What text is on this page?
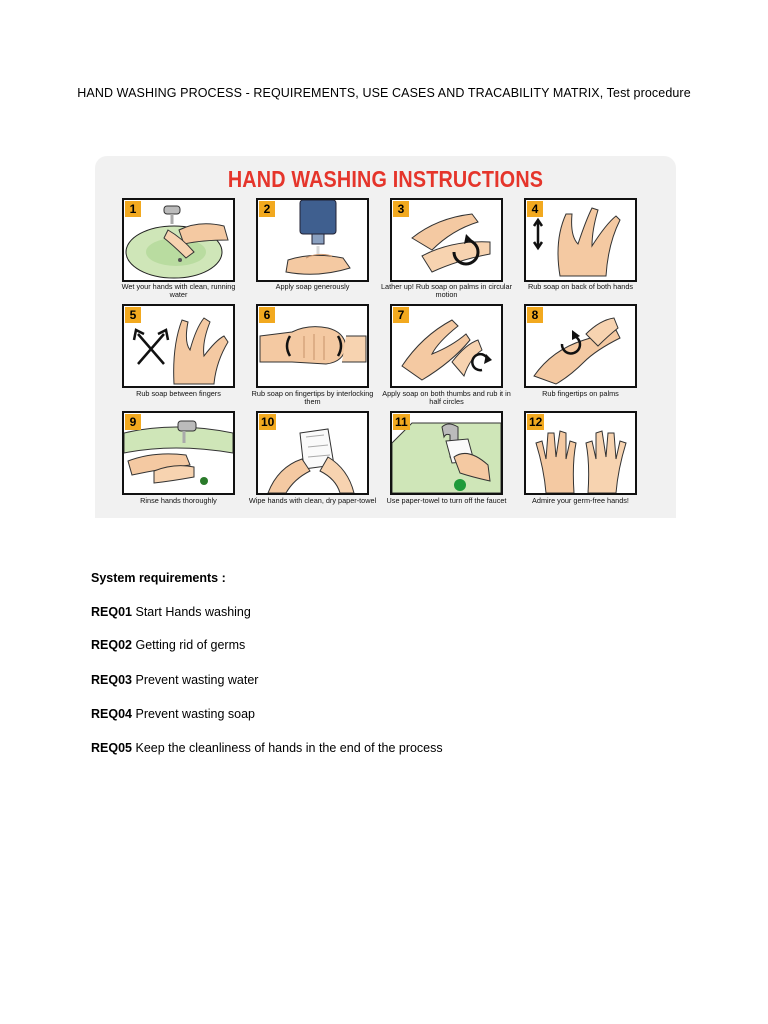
HAND WASHING PROCESS - REQUIREMENTS, USE CASES AND TRACABILITY MATRIX, Test procedure
HAND WASHING INSTRUCTIONS
1
Wet your hands with clean, running water
2
Apply soap generously
3
Lather up! Rub soap on palms in circular motion
4
Rub soap on back of both hands
5
Rub soap between fingers
6
Rub soap on fingertips by interlocking them
7
Apply soap on both thumbs and rub it in half circles
8
Rub fingertips on palms
9
Rinse hands thoroughly
10
Wipe hands with clean, dry paper-towel
11
Use paper-towel to turn off the faucet
12
Admire your germ-free hands!
System requirements :
REQ01 Start Hands washing
REQ02 Getting rid of germs
REQ03 Prevent wasting water
REQ04 Prevent wasting soap
REQ05 Keep the cleanliness of hands in the end of the process
